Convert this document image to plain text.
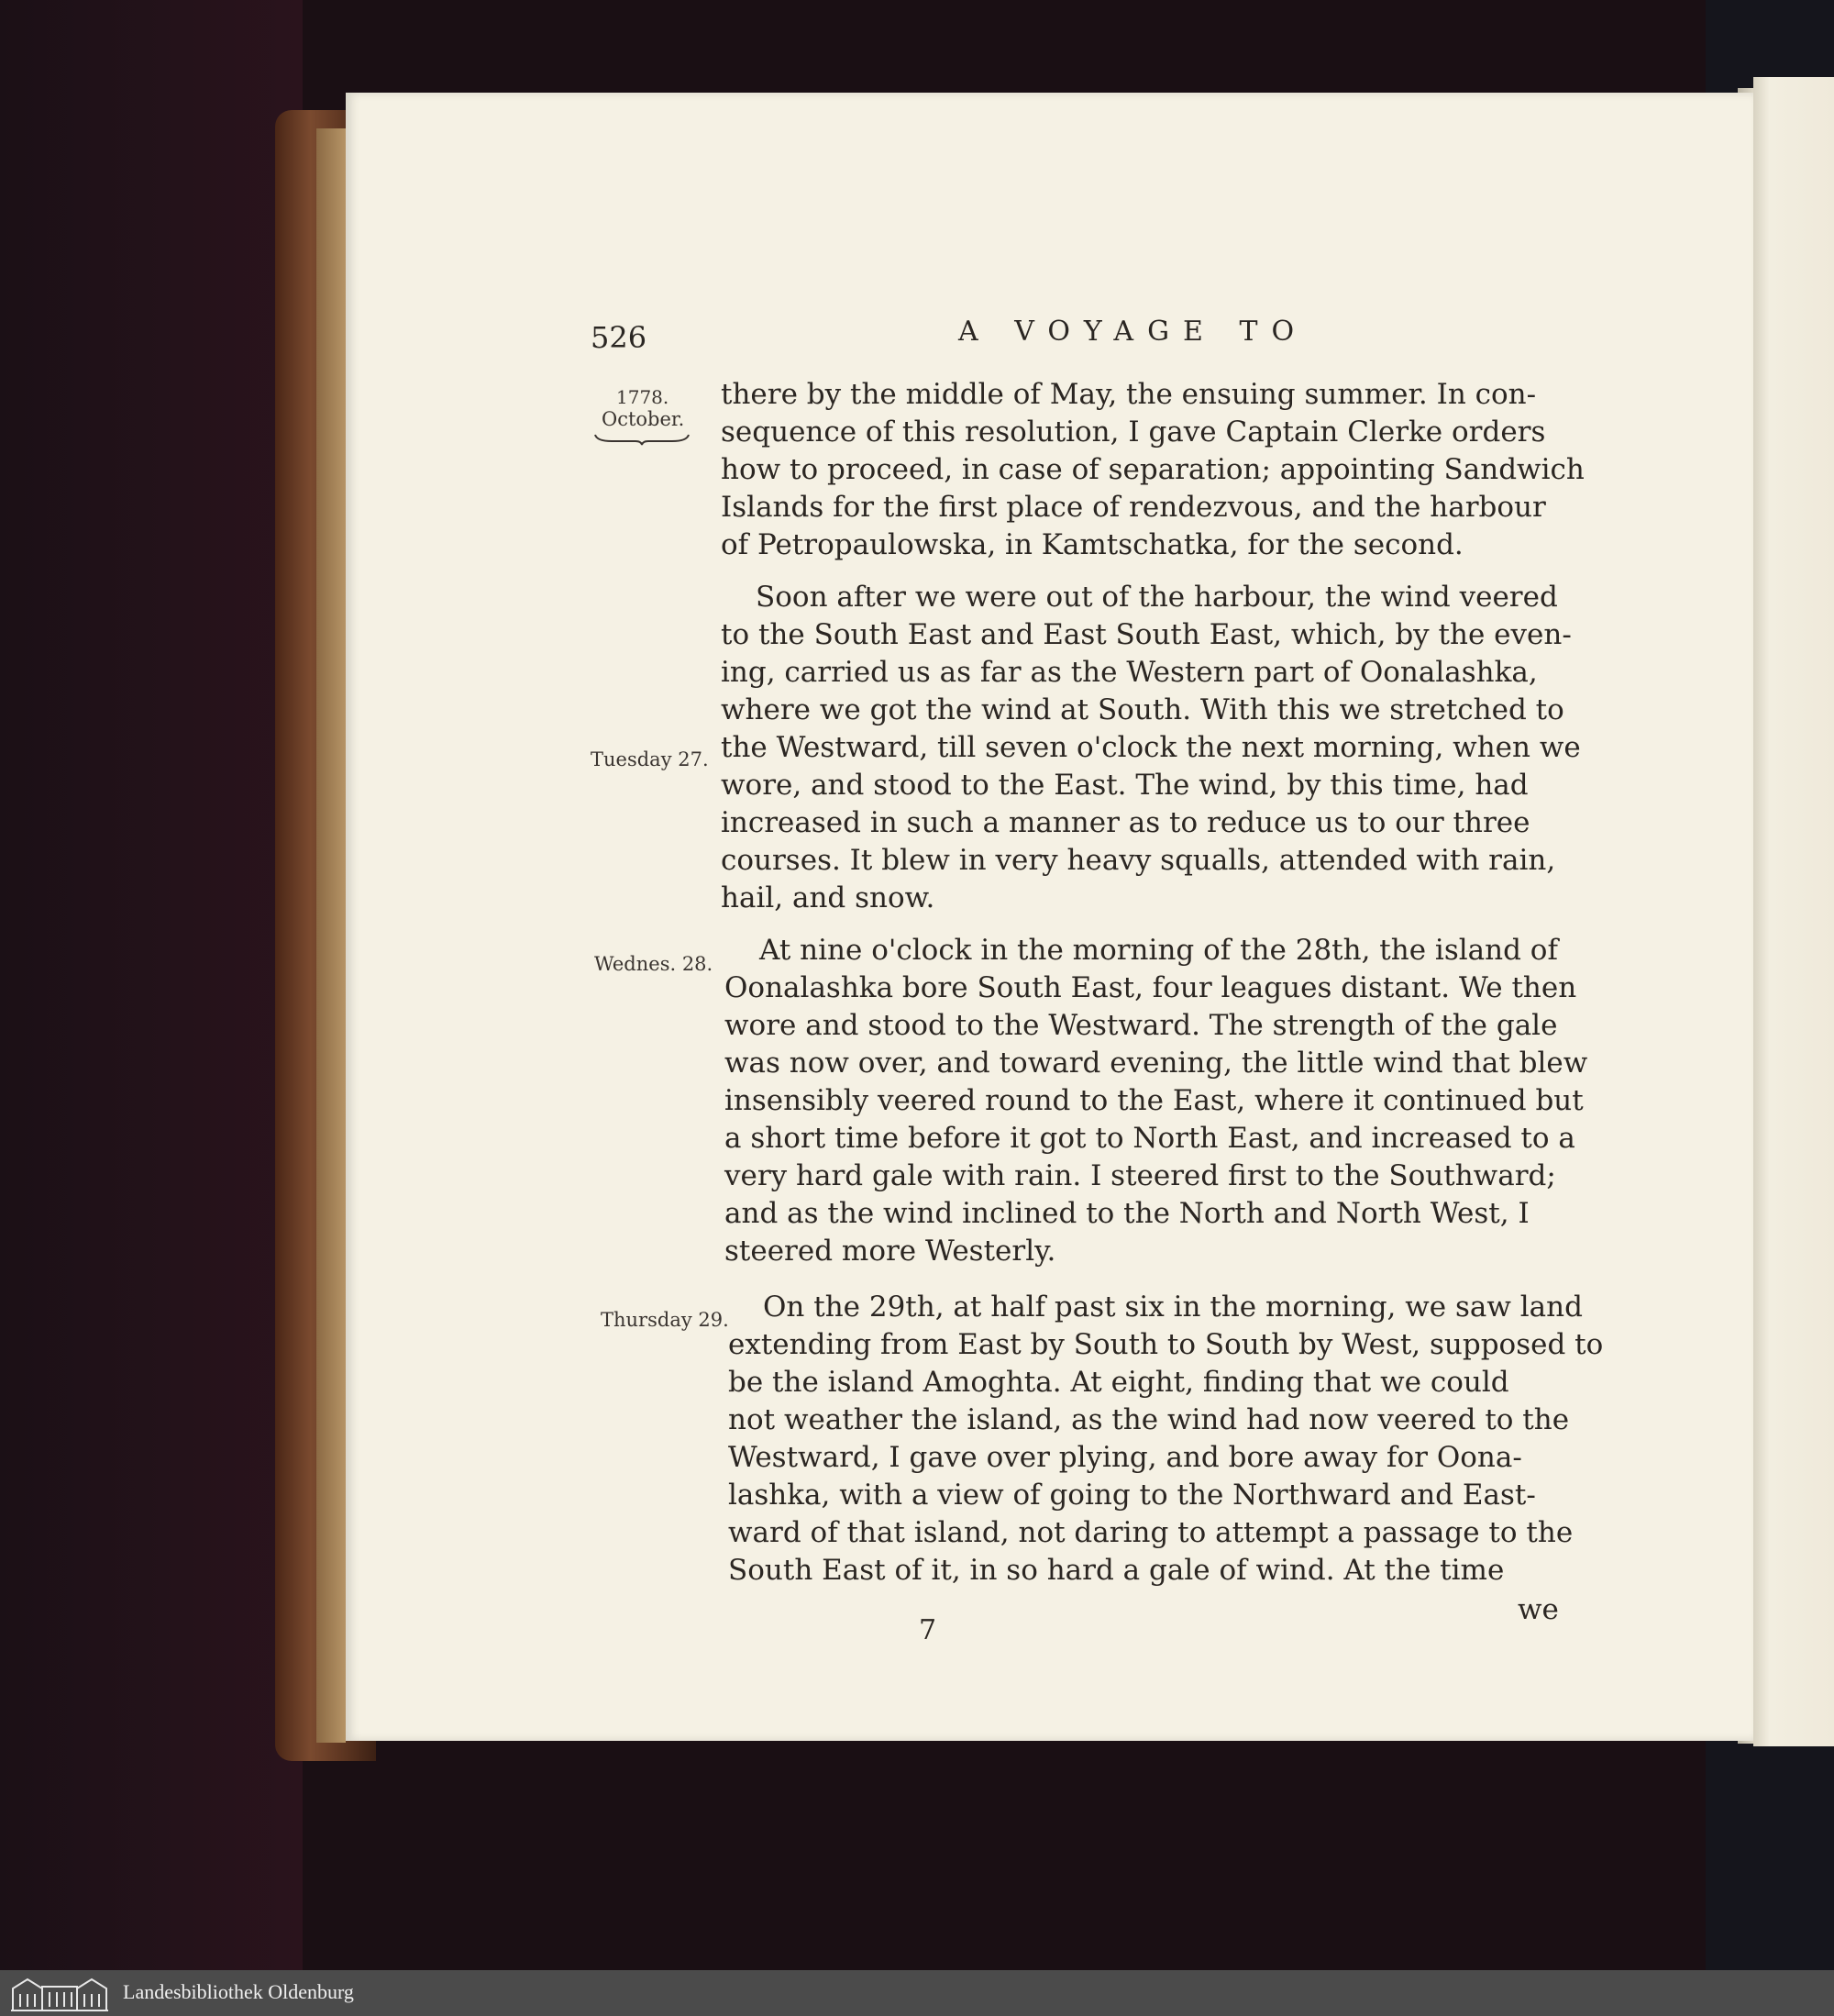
526	A VOYAGE TO
1778.
October.
Tuesday 27.
Wednes. 28.
Thursday 29.
there by the middle of May, the ensuing summer. In con-
sequence of this resolution, I gave Captain Clerke orders
how to proceed, in case of separation; appointing Sandwich
Islands for the first place of rendezvous, and the harbour
of Petropaulowska, in Kamtschatka, for the second.
Soon after we were out of the harbour, the wind veered
to the South East and East South East, which, by the even-
ing, carried us as far as the Western part of Oonalashka,
where we got the wind at South. With this we stretched to
the Westward, till seven o'clock the next morning, when we
wore, and stood to the East. The wind, by this time, had
increased in such a manner as to reduce us to our three
courses. It blew in very heavy squalls, attended with rain,
hail, and snow.
At nine o'clock in the morning of the 28th, the island of
Oonalashka bore South East, four leagues distant. We then
wore and stood to the Westward. The strength of the gale
was now over, and toward evening, the little wind that blew
insensibly veered round to the East, where it continued but
a short time before it got to North East, and increased to a
very hard gale with rain. I steered first to the Southward;
and as the wind inclined to the North and North West, I
steered more Westerly.
On the 29th, at half past six in the morning, we saw land
extending from East by South to South by West, supposed to
be the island Amoghta. At eight, finding that we could
not weather the island, as the wind had now veered to the
Westward, I gave over plying, and bore away for Oona-
lashka, with a view of going to the Northward and East-
ward of that island, not daring to attempt a passage to the
South East of it, in so hard a gale of wind. At the time
we
7
Landesbibliothek Oldenburg
